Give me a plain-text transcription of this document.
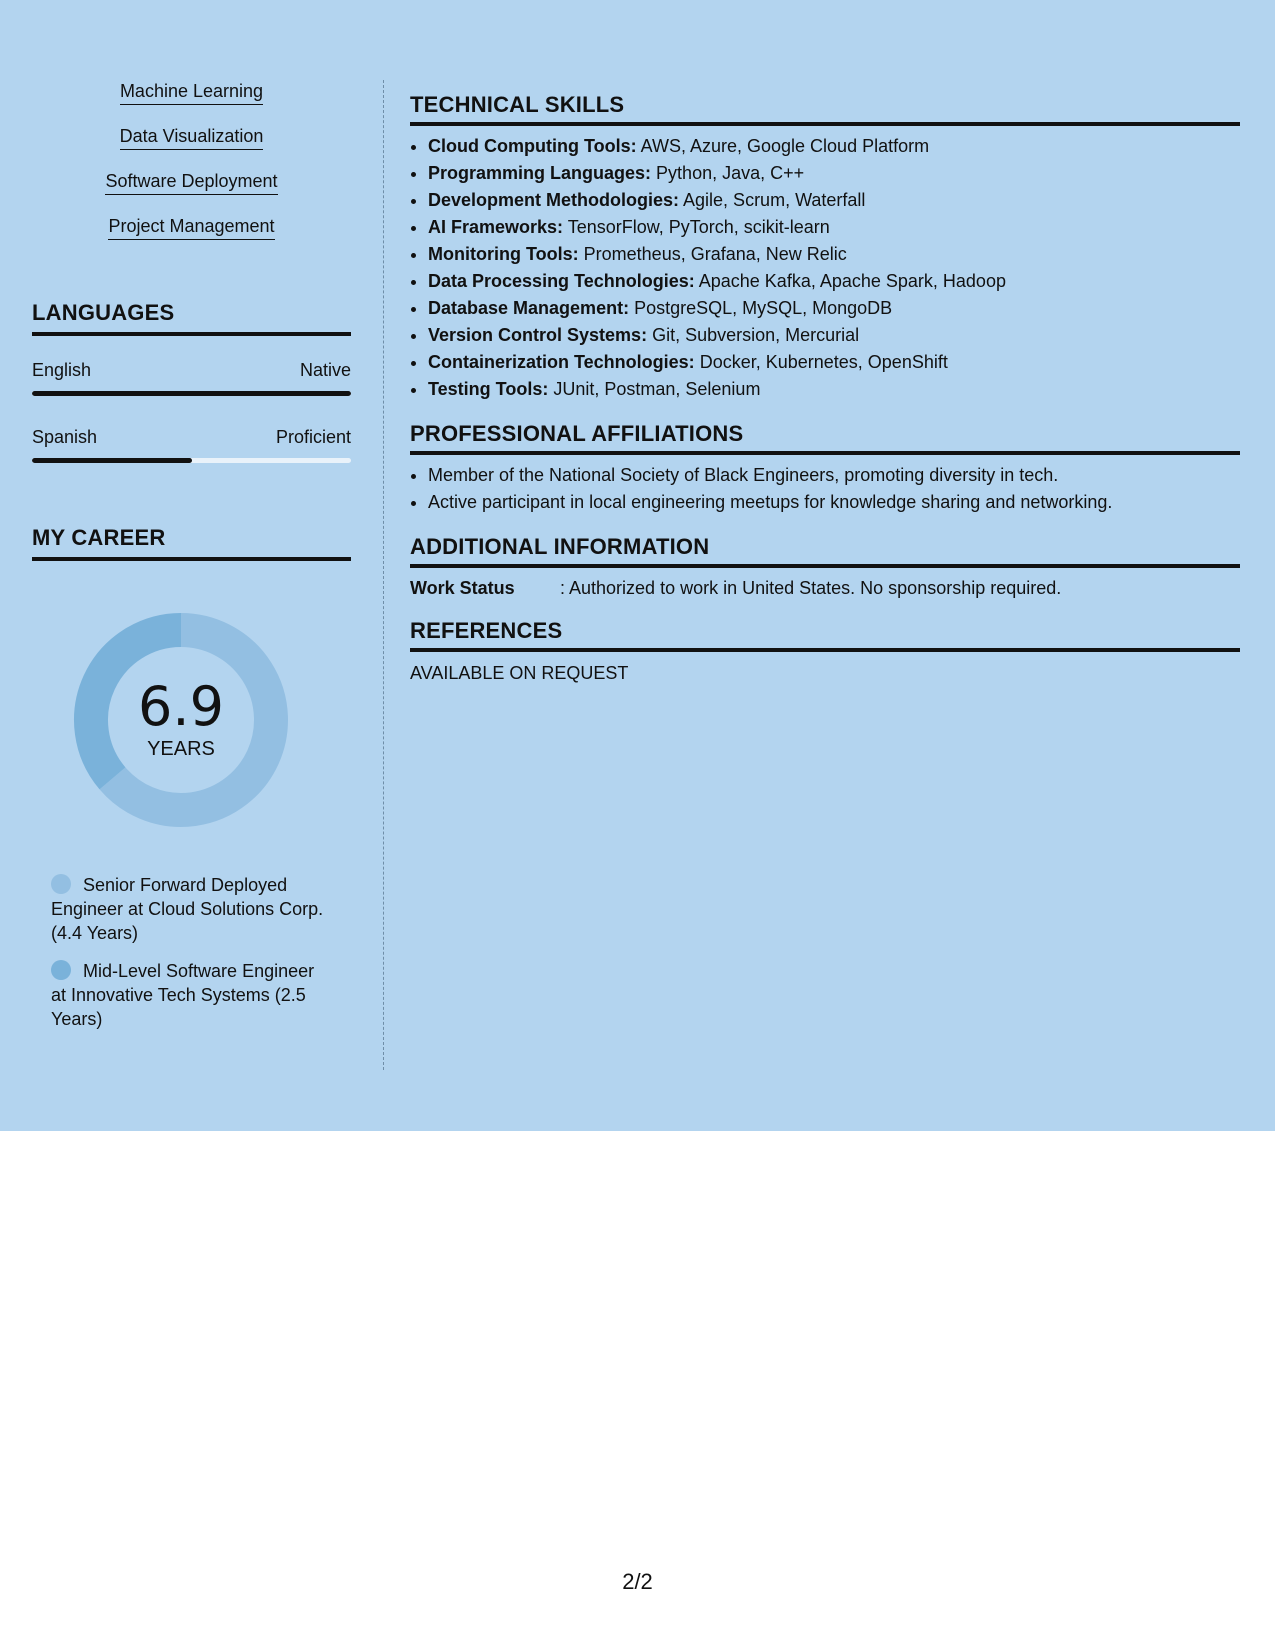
Machine Learning
Data Visualization
Software Deployment
Project Management
LANGUAGES
English	Native
Spanish	Proficient
MY CAREER
6.9
YEARS
Senior Forward Deployed Engineer at Cloud Solutions Corp. (4.4 Years)
Mid-Level Software Engineer at Innovative Tech Systems (2.5 Years)
TECHNICAL SKILLS
• Cloud Computing Tools: AWS, Azure, Google Cloud Platform
• Programming Languages: Python, Java, C++
• Development Methodologies: Agile, Scrum, Waterfall
• AI Frameworks: TensorFlow, PyTorch, scikit-learn
• Monitoring Tools: Prometheus, Grafana, New Relic
• Data Processing Technologies: Apache Kafka, Apache Spark, Hadoop
• Database Management: PostgreSQL, MySQL, MongoDB
• Version Control Systems: Git, Subversion, Mercurial
• Containerization Technologies: Docker, Kubernetes, OpenShift
• Testing Tools: JUnit, Postman, Selenium
PROFESSIONAL AFFILIATIONS
• Member of the National Society of Black Engineers, promoting diversity in tech.
• Active participant in local engineering meetups for knowledge sharing and networking.
ADDITIONAL INFORMATION
Work Status	: Authorized to work in United States. No sponsorship required.
REFERENCES

AVAILABLE ON REQUEST

2/2
